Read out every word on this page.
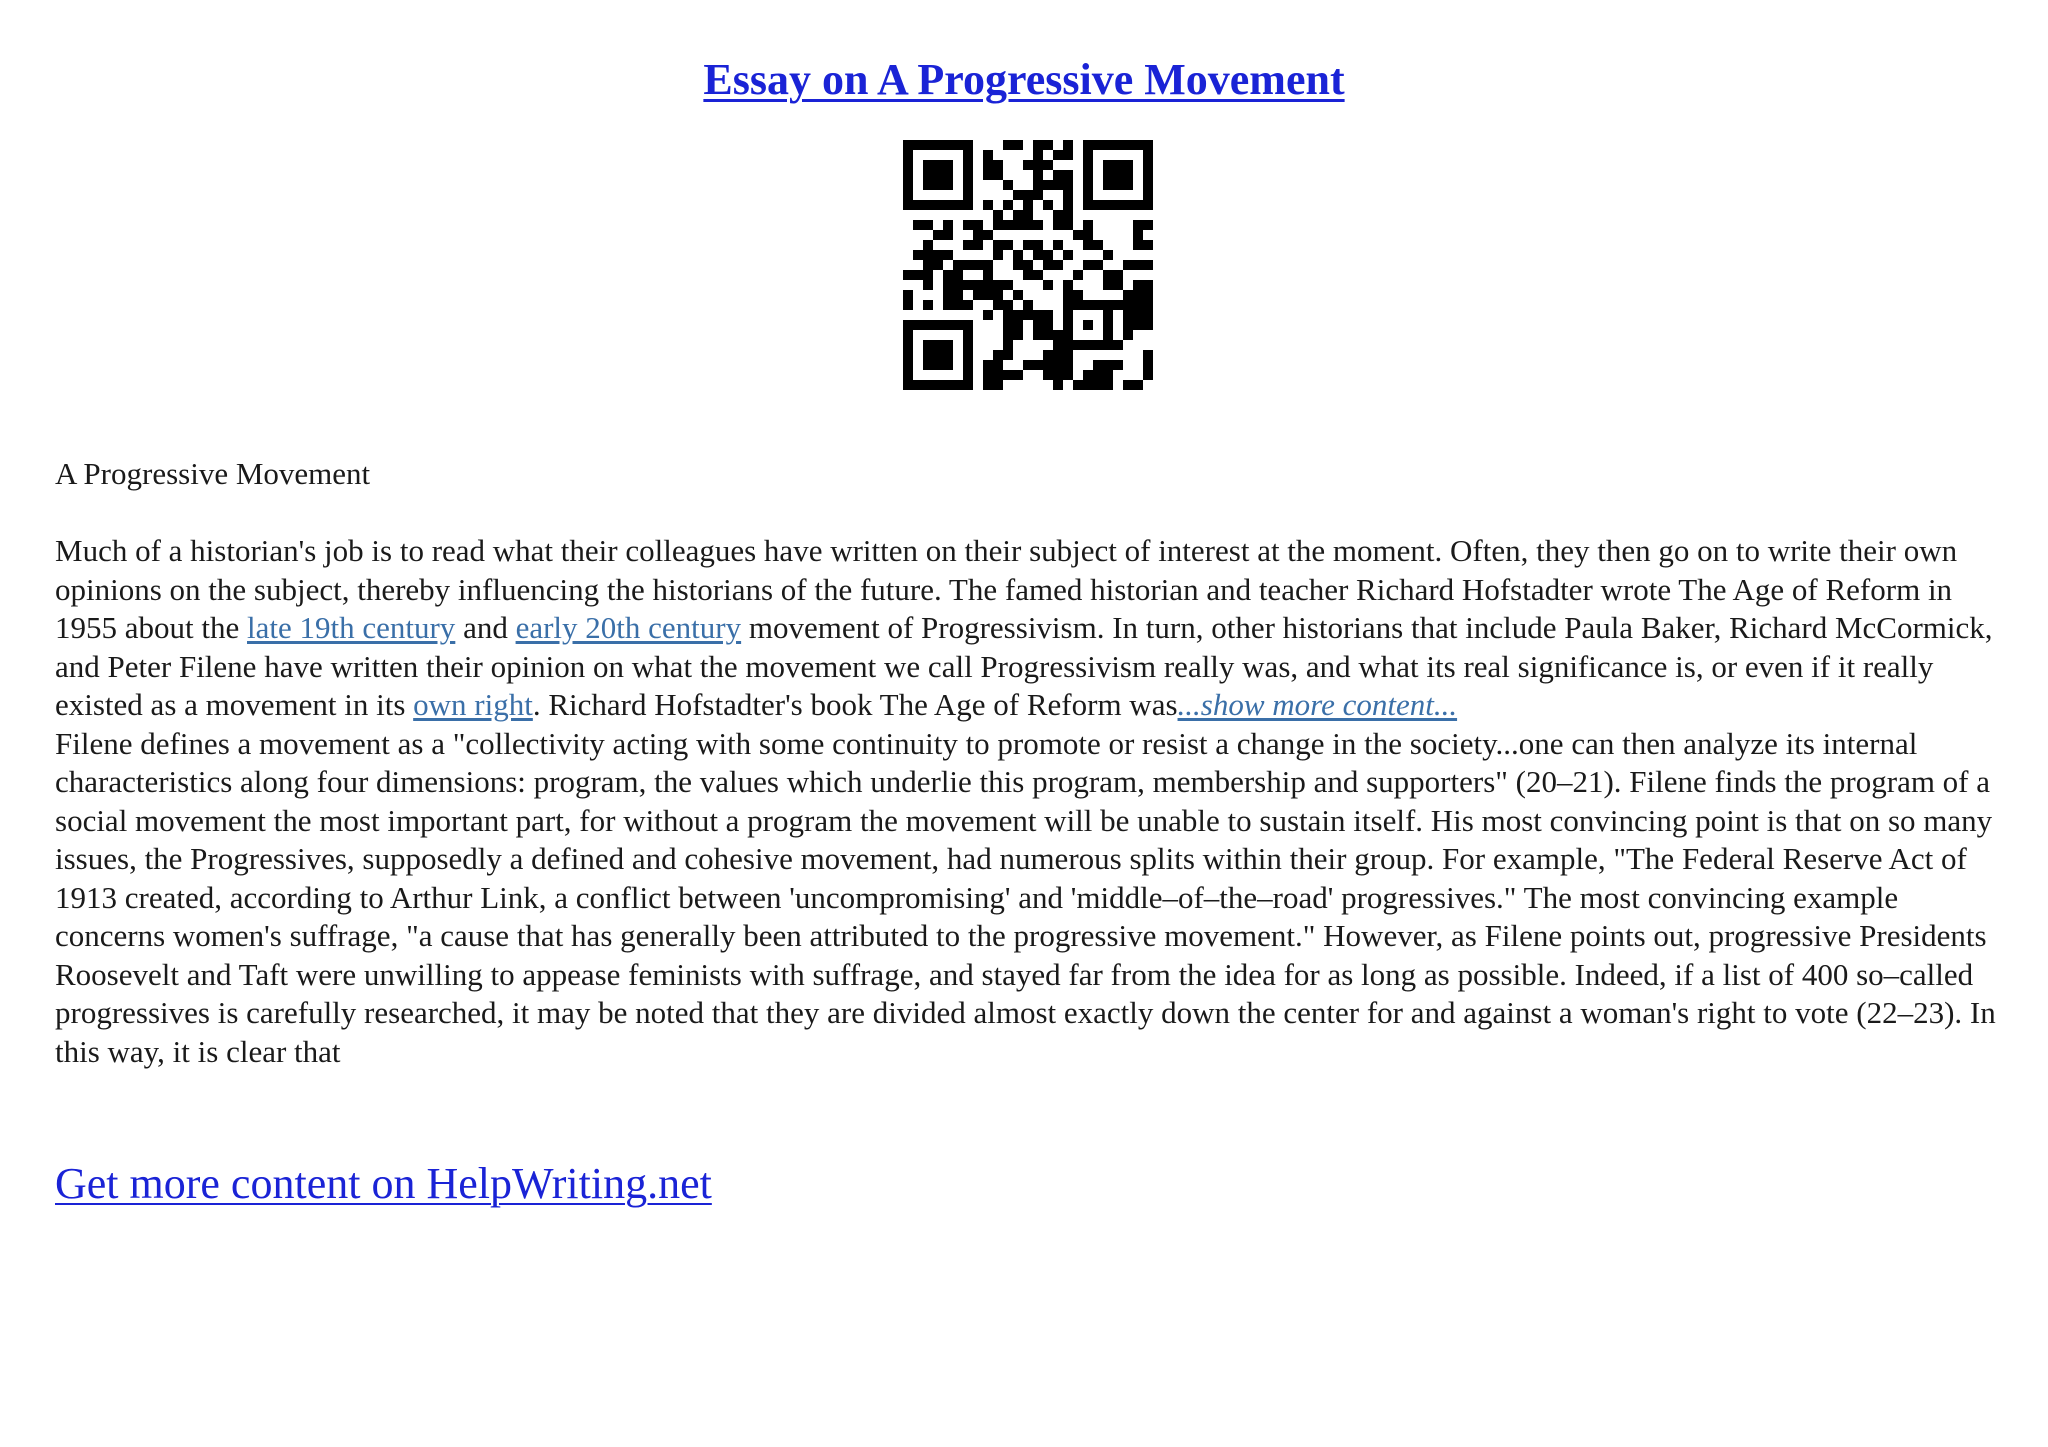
Essay on A Progressive Movement
A Progressive Movement

Much of a historian's job is to read what their colleagues have written on their subject of interest at the moment. Often, they then go on to write their own opinions on the subject, thereby influencing the historians of the future. The famed historian and teacher Richard Hofstadter wrote The Age of Reform in 1955 about the late 19th century and early 20th century movement of Progressivism. In turn, other historians that include Paula Baker, Richard McCormick, and Peter Filene have written their opinion on what the movement we call Progressivism really was, and what its real significance is, or even if it really existed as a movement in its own right. Richard Hofstadter's book The Age of Reform was...show more content...

Filene defines a movement as a "collectivity acting with some continuity to promote or resist a change in the society...one can then analyze its internal characteristics along four dimensions: program, the values which underlie this program, membership and supporters" (20–21). Filene finds the program of a social movement the most important part, for without a program the movement will be unable to sustain itself. His most convincing point is that on so many issues, the Progressives, supposedly a defined and cohesive movement, had numerous splits within their group. For example, "The Federal Reserve Act of 1913 created, according to Arthur Link, a conflict between 'uncompromising' and 'middle–of–the–road' progressives." The most convincing example concerns women's suffrage, "a cause that has generally been attributed to the progressive movement." However, as Filene points out, progressive Presidents Roosevelt and Taft were unwilling to appease feminists with suffrage, and stayed far from the idea for as long as possible. Indeed, if a list of 400 so–called progressives is carefully researched, it may be noted that they are divided almost exactly down the center for and against a woman's right to vote (22–23). In this way, it is clear that

Get more content on HelpWriting.net
